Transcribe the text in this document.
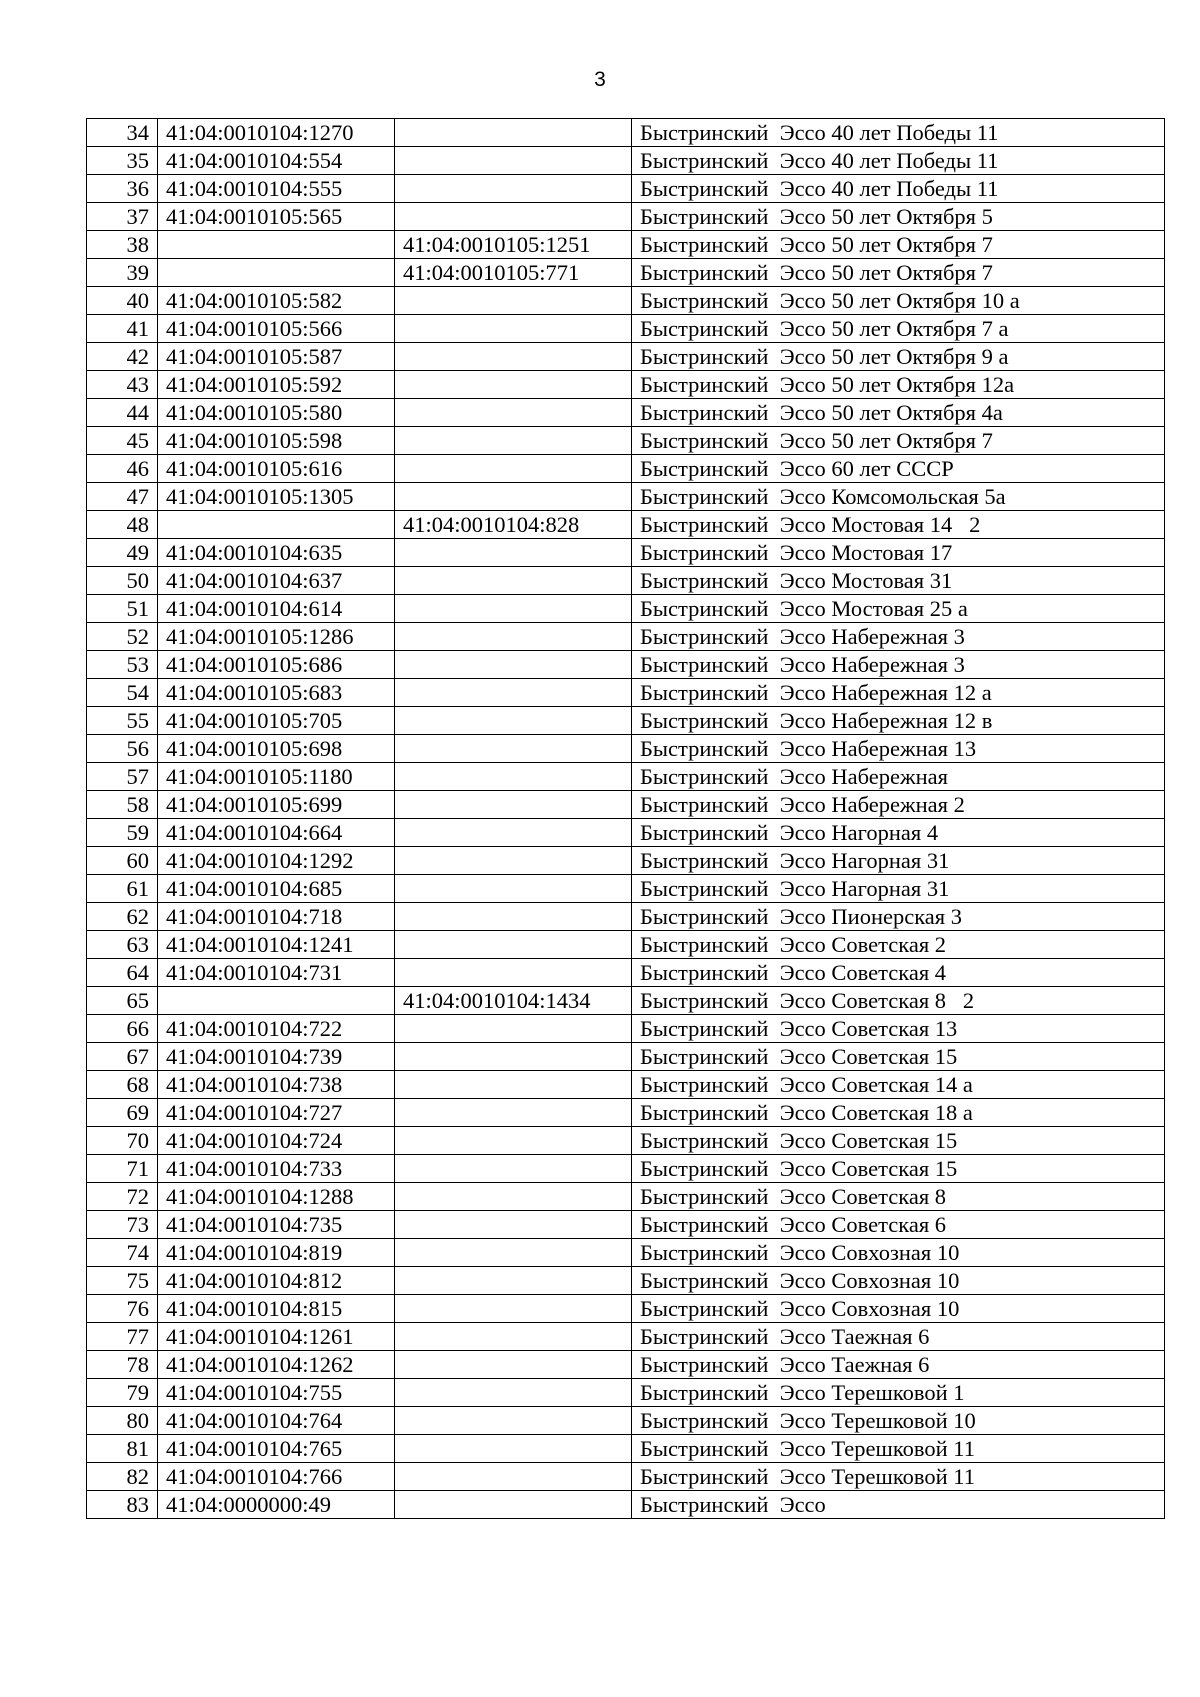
3
34	41:04:0010104:1270		Быстринский  Эссо 40 лет Победы 11
35	41:04:0010104:554		Быстринский  Эссо 40 лет Победы 11
36	41:04:0010104:555		Быстринский  Эссо 40 лет Победы 11
37	41:04:0010105:565		Быстринский  Эссо 50 лет Октября 5
38		41:04:0010105:1251	Быстринский  Эссо 50 лет Октября 7
39		41:04:0010105:771	Быстринский  Эссо 50 лет Октября 7
40	41:04:0010105:582		Быстринский  Эссо 50 лет Октября 10 а
41	41:04:0010105:566		Быстринский  Эссо 50 лет Октября 7 а
42	41:04:0010105:587		Быстринский  Эссо 50 лет Октября 9 а
43	41:04:0010105:592		Быстринский  Эссо 50 лет Октября 12а
44	41:04:0010105:580		Быстринский  Эссо 50 лет Октября 4а
45	41:04:0010105:598		Быстринский  Эссо 50 лет Октября 7
46	41:04:0010105:616		Быстринский  Эссо 60 лет СССР
47	41:04:0010105:1305		Быстринский  Эссо Комсомольская 5а
48		41:04:0010104:828	Быстринский  Эссо Мостовая 14   2
49	41:04:0010104:635		Быстринский  Эссо Мостовая 17
50	41:04:0010104:637		Быстринский  Эссо Мостовая 31
51	41:04:0010104:614		Быстринский  Эссо Мостовая 25 а
52	41:04:0010105:1286		Быстринский  Эссо Набережная 3
53	41:04:0010105:686		Быстринский  Эссо Набережная 3
54	41:04:0010105:683		Быстринский  Эссо Набережная 12 а
55	41:04:0010105:705		Быстринский  Эссо Набережная 12 в
56	41:04:0010105:698		Быстринский  Эссо Набережная 13
57	41:04:0010105:1180		Быстринский  Эссо Набережная
58	41:04:0010105:699		Быстринский  Эссо Набережная 2
59	41:04:0010104:664		Быстринский  Эссо Нагорная 4
60	41:04:0010104:1292		Быстринский  Эссо Нагорная 31
61	41:04:0010104:685		Быстринский  Эссо Нагорная 31
62	41:04:0010104:718		Быстринский  Эссо Пионерская 3
63	41:04:0010104:1241		Быстринский  Эссо Советская 2
64	41:04:0010104:731		Быстринский  Эссо Советская 4
65		41:04:0010104:1434	Быстринский  Эссо Советская 8   2
66	41:04:0010104:722		Быстринский  Эссо Советская 13
67	41:04:0010104:739		Быстринский  Эссо Советская 15
68	41:04:0010104:738		Быстринский  Эссо Советская 14 а
69	41:04:0010104:727		Быстринский  Эссо Советская 18 а
70	41:04:0010104:724		Быстринский  Эссо Советская 15
71	41:04:0010104:733		Быстринский  Эссо Советская 15
72	41:04:0010104:1288		Быстринский  Эссо Советская 8
73	41:04:0010104:735		Быстринский  Эссо Советская 6
74	41:04:0010104:819		Быстринский  Эссо Совхозная 10
75	41:04:0010104:812		Быстринский  Эссо Совхозная 10
76	41:04:0010104:815		Быстринский  Эссо Совхозная 10
77	41:04:0010104:1261		Быстринский  Эссо Таежная 6
78	41:04:0010104:1262		Быстринский  Эссо Таежная 6
79	41:04:0010104:755		Быстринский  Эссо Терешковой 1
80	41:04:0010104:764		Быстринский  Эссо Терешковой 10
81	41:04:0010104:765		Быстринский  Эссо Терешковой 11
82	41:04:0010104:766		Быстринский  Эссо Терешковой 11
83	41:04:0000000:49		Быстринский  Эссо
